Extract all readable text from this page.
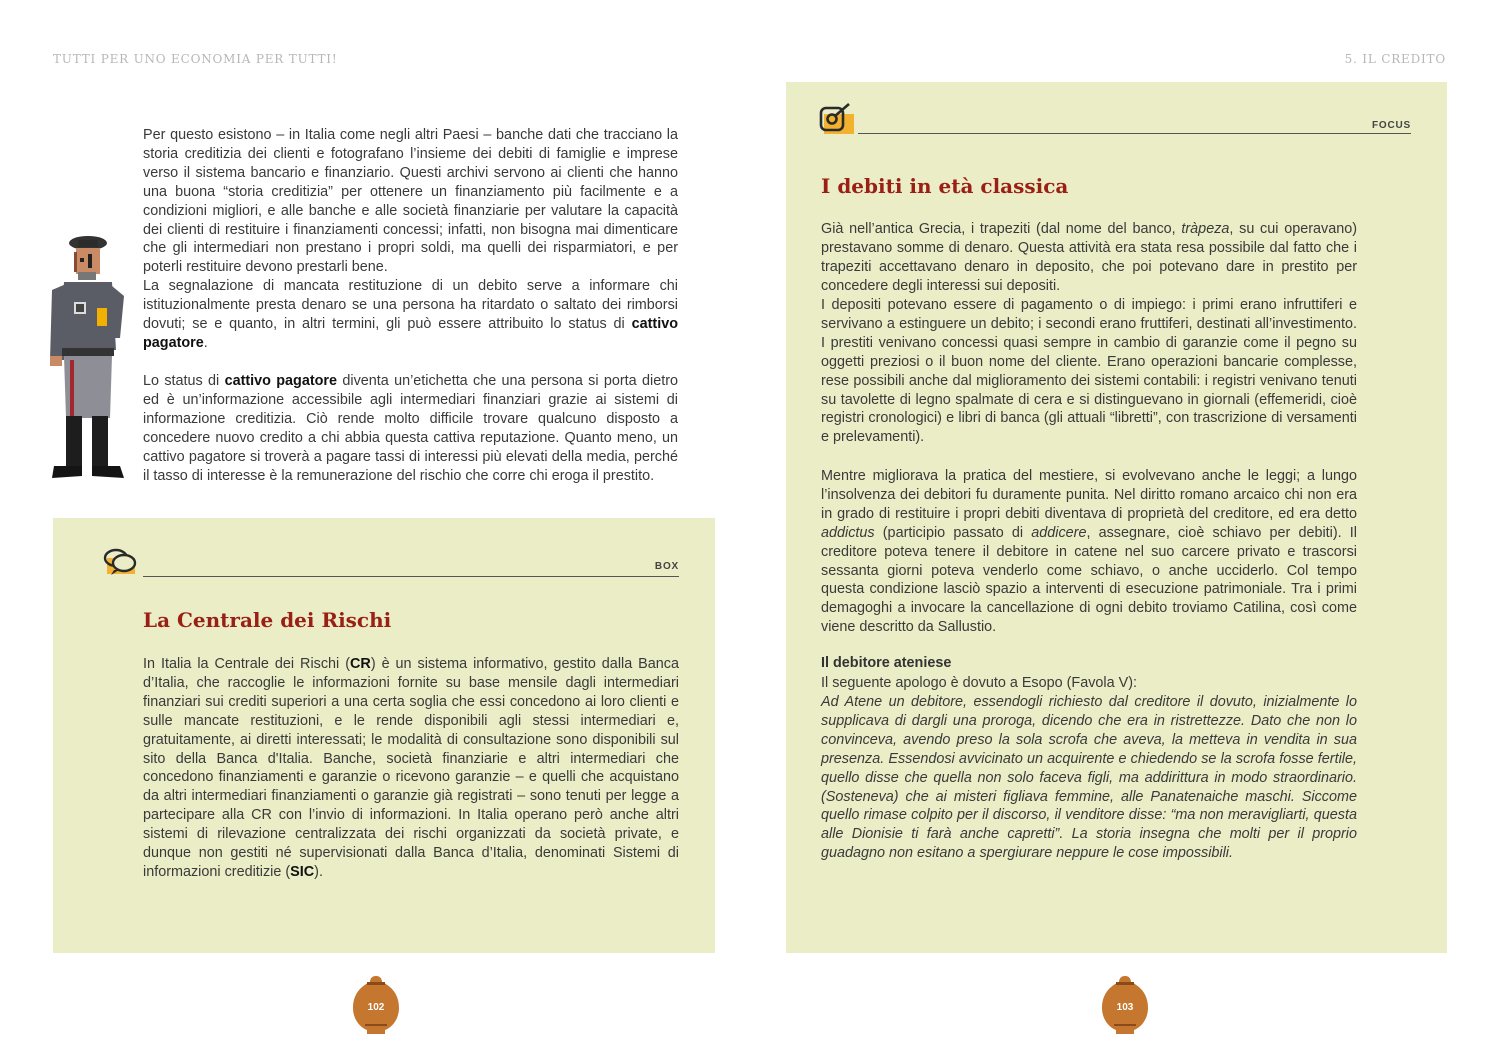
TUTTI PER UNO ECONOMIA PER TUTTI!	5. IL CREDITO

Per questo esistono – in Italia come negli altri Paesi – banche dati che tracciano la storia creditizia dei clienti e fotografano l’insieme dei debiti di famiglie e imprese verso il sistema bancario e finanziario. Questi archivi servono ai clienti che hanno una buona “storia creditizia” per ottenere un finanziamento più facilmente e a condizioni migliori, e alle banche e alle società finanziarie per valutare la capacità dei clienti di restituire i finanziamenti concessi; infatti, non bisogna mai dimenticare che gli intermediari non prestano i propri soldi, ma quelli dei risparmiatori, e per poterli restituire devono prestarli bene.

La segnalazione di mancata restituzione di un debito serve a informare chi istituzionalmente presta denaro se una persona ha ritardato o saltato dei rimborsi dovuti; se e quanto, in altri termini, gli può essere attribuito lo status di cattivo pagatore.

Lo status di cattivo pagatore diventa un’etichetta che una persona si porta dietro ed è un’informazione accessibile agli intermediari finanziari grazie ai sistemi di informazione creditizia. Ciò rende molto difficile trovare qualcuno disposto a concedere nuovo credito a chi abbia questa cattiva reputazione. Quanto meno, un cattivo pagatore si troverà a pagare tassi di interessi più elevati della media, perché il tasso di interesse è la remunerazione del rischio che corre chi eroga il prestito.

BOX
La Centrale dei Rischi

In Italia la Centrale dei Rischi (CR) è un sistema informativo, gestito dalla Banca d’Italia, che raccoglie le informazioni fornite su base mensile dagli intermediari finanziari sui crediti superiori a una certa soglia che essi concedono ai loro clienti e sulle mancate restituzioni, e le rende disponibili agli stessi intermediari e, gratuitamente, ai diretti interessati; le modalità di consultazione sono disponibili sul sito della Banca d'Italia. Banche, società finanziarie e altri intermediari che concedono finanziamenti e garanzie o ricevono garanzie – e quelli che acquistano da altri intermediari finanziamenti o garanzie già registrati – sono tenuti per legge a partecipare alla CR con l’invio di informazioni. In Italia operano però anche altri sistemi di rilevazione centralizzata dei rischi organizzati da società private, e dunque non gestiti né supervisionati dalla Banca d’Italia, denominati Sistemi di informazioni creditizie (SIC).

FOCUS
I debiti in età classica

Già nell’antica Grecia, i trapeziti (dal nome del banco, tràpeza, su cui operavano) prestavano somme di denaro. Questa attività era stata resa possibile dal fatto che i trapeziti accettavano denaro in deposito, che poi potevano dare in prestito per concedere degli interessi sui depositi.

I depositi potevano essere di pagamento o di impiego: i primi erano infruttiferi e servivano a estinguere un debito; i secondi erano fruttiferi, destinati all’investimento. I prestiti venivano concessi quasi sempre in cambio di garanzie come il pegno su oggetti preziosi o il buon nome del cliente. Erano operazioni bancarie complesse, rese possibili anche dal miglioramento dei sistemi contabili: i registri venivano tenuti su tavolette di legno spalmate di cera e si distinguevano in giornali (effemeridi, cioè registri cronologici) e libri di banca (gli attuali “libretti”, con trascrizione di versamenti e prelevamenti).

Mentre migliorava la pratica del mestiere, si evolvevano anche le leggi; a lungo l’insolvenza dei debitori fu duramente punita. Nel diritto romano arcaico chi non era in grado di restituire i propri debiti diventava di proprietà del creditore, ed era detto addictus (participio passato di addicere, assegnare, cioè schiavo per debiti). Il creditore poteva tenere il debitore in catene nel suo carcere privato e trascorsi sessanta giorni poteva venderlo come schiavo, o anche ucciderlo. Col tempo questa condizione lasciò spazio a interventi di esecuzione patrimoniale. Tra i primi demagoghi a invocare la cancellazione di ogni debito troviamo Catilina, così come viene descritto da Sallustio.

Il debitore ateniese

Il seguente apologo è dovuto a Esopo (Favola V):

Ad Atene un debitore, essendogli richiesto dal creditore il dovuto, inizialmente lo supplicava di dargli una proroga, dicendo che era in ristrettezze. Dato che non lo convinceva, avendo preso la sola scrofa che aveva, la metteva in vendita in sua presenza. Essendosi avvicinato un acquirente e chiedendo se la scrofa fosse fertile, quello disse che quella non solo faceva figli, ma addirittura in modo straordinario. (Sosteneva) che ai misteri figliava femmine, alle Panatenaiche maschi. Siccome quello rimase colpito per il discorso, il venditore disse: “ma non meravigliarti, questa alle Dionisie ti farà anche capretti”. La storia insegna che molti per il proprio guadagno non esitano a spergiurare neppure le cose impossibili.

102	103
